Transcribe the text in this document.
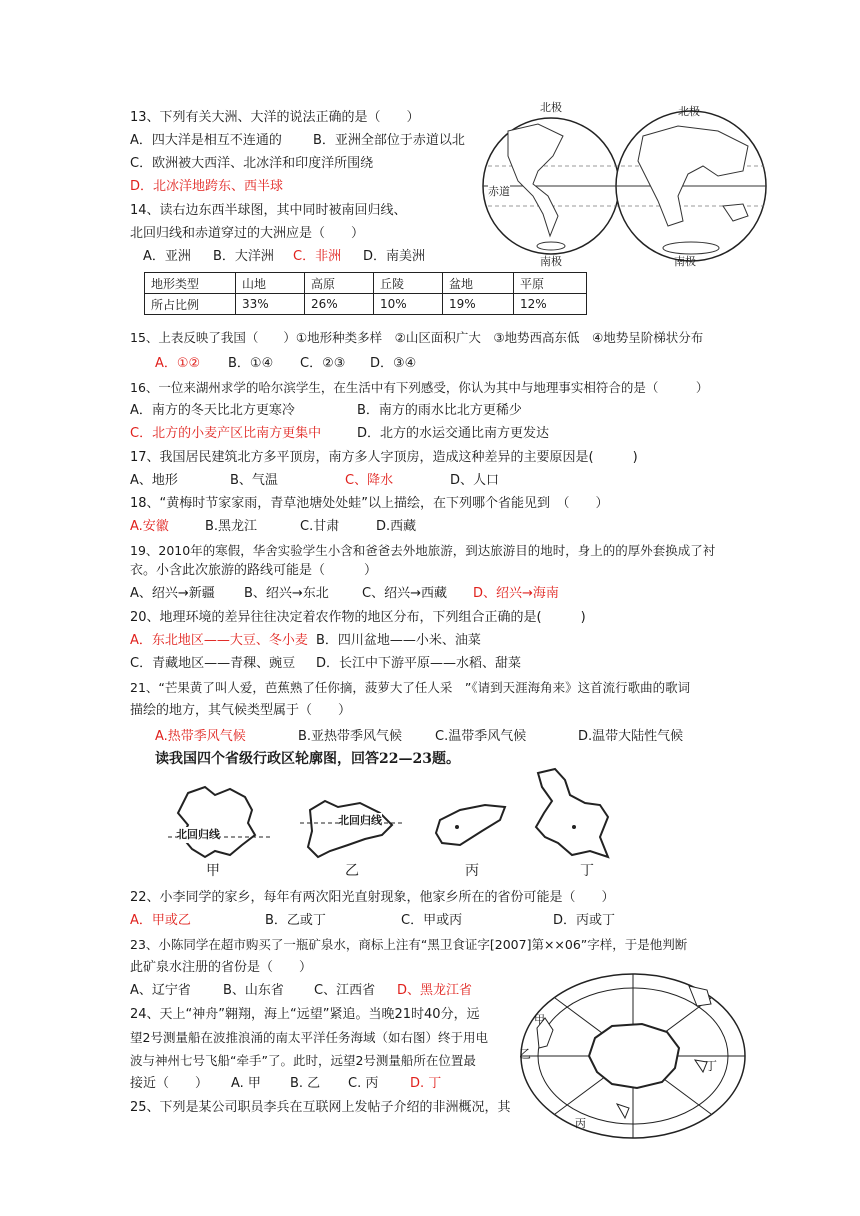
13、下列有关大洲、大洋的说法正确的是（　　）
A．四大洋是相互不连通的 B．亚洲全部位于赤道以北
C．欧洲被大西洋、北冰洋和印度洋所围绕
D．北冰洋地跨东、西半球
14、读右边东西半球图，其中同时被南回归线、
北回归线和赤道穿过的大洲应是（　　）
A．亚洲 B．大洋洲 C．非洲 D．南美洲
北极	北极
赤道
南极	南极
地形类型	山地	高原	丘陵	盆地	平原
所占比例	33%	26%	10%	19%	12%
15、上表反映了我国（　　）①地形种类多样　②山区面积广大　③地势西高东低　④地势呈阶梯状分布
A．①② B．①④ C．②③ D．③④
16、一位来湖州求学的哈尔滨学生，在生活中有下列感受，你认为其中与地理事实相符合的是（　　　）
A．南方的冬天比北方更寒冷	B．南方的雨水比北方更稀少
C．北方的小麦产区比南方更集中	D．北方的水运交通比南方更发达
17、我国居民建筑北方多平顶房，南方多人字顶房，造成这种差异的主要原因是(　　　)
A、地形	B、气温	C、降水	D、人口
18、“黄梅时节家家雨，青草池塘处处蛙”以上描绘，在下列哪个省能见到　（　　）
A.安徽	B.黑龙江	C.甘肃	D.西藏
19、2010年的寒假，华舍实验学生小含和爸爸去外地旅游，到达旅游目的地时，身上的的厚外套换成了衬
衣。小含此次旅游的路线可能是（　　　）
A、绍兴→新疆 B、绍兴→东北	C、绍兴→西藏 D、绍兴→海南
20、地理环境的差异往往决定着农作物的地区分布，下列组合正确的是(　　　)
A．东北地区——大豆、冬小麦 B．四川盆地——小米、油菜
C．青藏地区——青稞、豌豆 D．长江中下游平原——水稻、甜菜
21、“芒果黄了叫人爱，芭蕉熟了任你摘，菠萝大了任人采　”《请到天涯海角来》这首流行歌曲的歌词
描绘的地方，其气候类型属于（　　）
A.热带季风气候	B.亚热带季风气候	C.温带季风气候	D.温带大陆性气候
读我国四个省级行政区轮廓图，回答22—23题。
北回归线
北回归线
甲	乙	丙	丁
22、小李同学的家乡，每年有两次阳光直射现象，他家乡所在的省份可能是（　　）
A．甲或乙	B．乙或丁	C．甲或丙	D．丙或丁
23、小陈同学在超市购买了一瓶矿泉水，商标上注有“黑卫食证字[2007]第××06”字样，于是他判断
此矿泉水注册的省份是（　　）
A、辽宁省 B、山东省 C、江西省 D、黑龙江省
24、天上“神舟”翱翔，海上“远望”紧追。当晚21时40分，远
望2号测量船在波推浪涌的南太平洋任务海域（如右图）终于用电
波与神州七号飞船“牵手”了。此时，远望2号测量船所在位置最
接近（　　） A. 甲 B. 乙 C. 丙 D. 丁
25、下列是某公司职员李兵在互联网上发帖子介绍的非洲概况，其
甲
乙
丙
丁
